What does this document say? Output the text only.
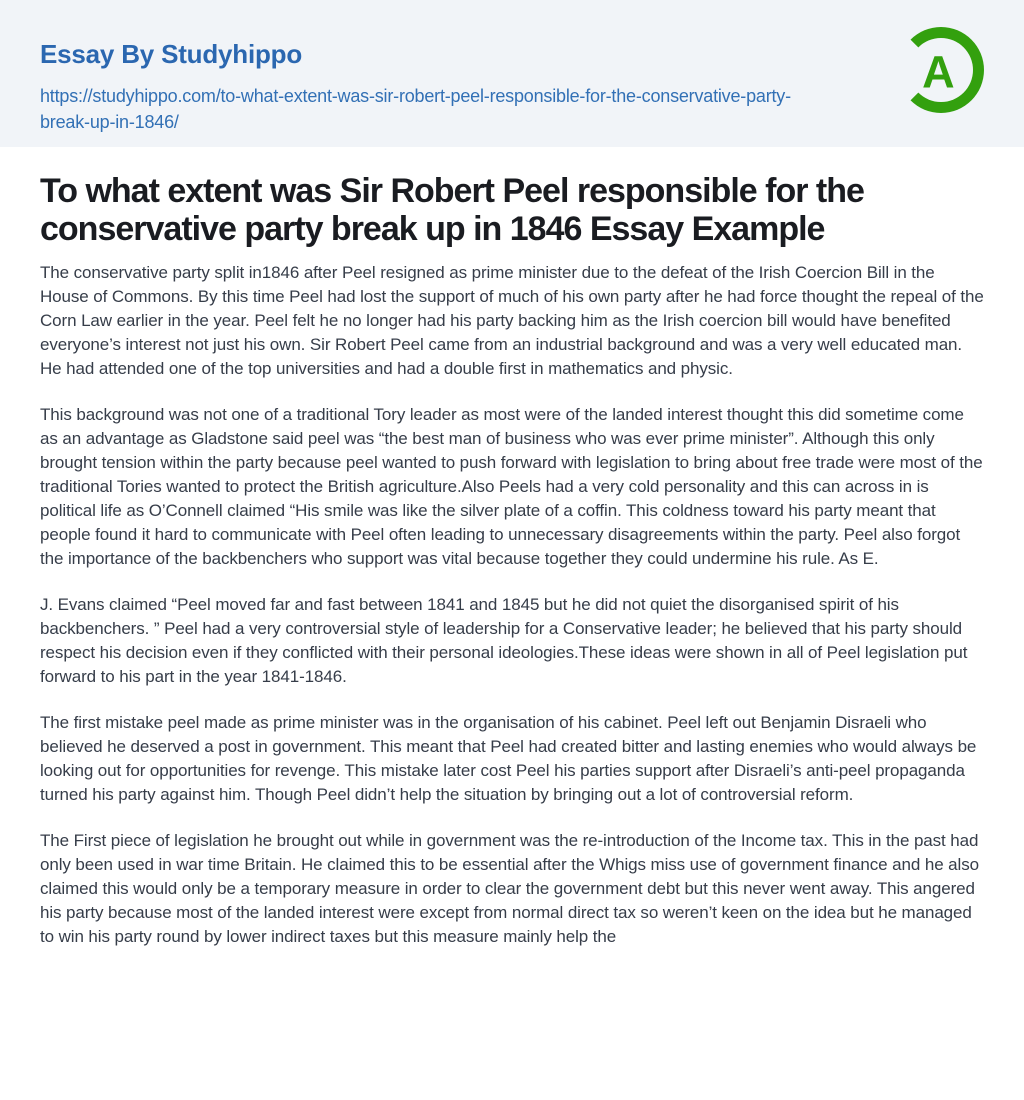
Essay By Studyhippo
https://studyhippo.com/to-what-extent-was-sir-robert-peel-responsible-for-the-conservative-party-break-up-in-1846/
A
To what extent was Sir Robert Peel responsible for the conservative party break up in 1846 Essay Example

The conservative party split in1846 after Peel resigned as prime minister due to the defeat of the Irish Coercion Bill in the House of Commons. By this time Peel had lost the support of much of his own party after he had force thought the repeal of the Corn Law earlier in the year. Peel felt he no longer had his party backing him as the Irish coercion bill would have benefited everyone’s interest not just his own. Sir Robert Peel came from an industrial background and was a very well educated man. He had attended one of the top universities and had a double first in mathematics and physic.

This background was not one of a traditional Tory leader as most were of the landed interest thought this did sometime come as an advantage as Gladstone said peel was “the best man of business who was ever prime minister”. Although this only brought tension within the party because peel wanted to push forward with legislation to bring about free trade were most of the traditional Tories wanted to protect the British agriculture.Also Peels had a very cold personality and this can across in is political life as O’Connell claimed “His smile was like the silver plate of a coffin. This coldness toward his party meant that people found it hard to communicate with Peel often leading to unnecessary disagreements within the party. Peel also forgot the importance of the backbenchers who support was vital because together they could undermine his rule. As E.

J. Evans claimed “Peel moved far and fast between 1841 and 1845 but he did not quiet the disorganised spirit of his backbenchers. ” Peel had a very controversial style of leadership for a Conservative leader; he believed that his party should respect his decision even if they conflicted with their personal ideologies.These ideas were shown in all of Peel legislation put forward to his part in the year 1841-1846.

The first mistake peel made as prime minister was in the organisation of his cabinet. Peel left out Benjamin Disraeli who believed he deserved a post in government. This meant that Peel had created bitter and lasting enemies who would always be looking out for opportunities for revenge. This mistake later cost Peel his parties support after Disraeli’s anti-peel propaganda turned his party against him. Though Peel didn’t help the situation by bringing out a lot of controversial reform.

The First piece of legislation he brought out while in government was the re-introduction of the Income tax. This in the past had only been used in war time Britain. He claimed this to be essential after the Whigs miss use of government finance and he also claimed this would only be a temporary measure in order to clear the government debt but this never went away. This angered his party because most of the landed interest were except from normal direct tax so weren’t keen on the idea but he managed to win his party round by lower indirect taxes but this measure mainly help the
